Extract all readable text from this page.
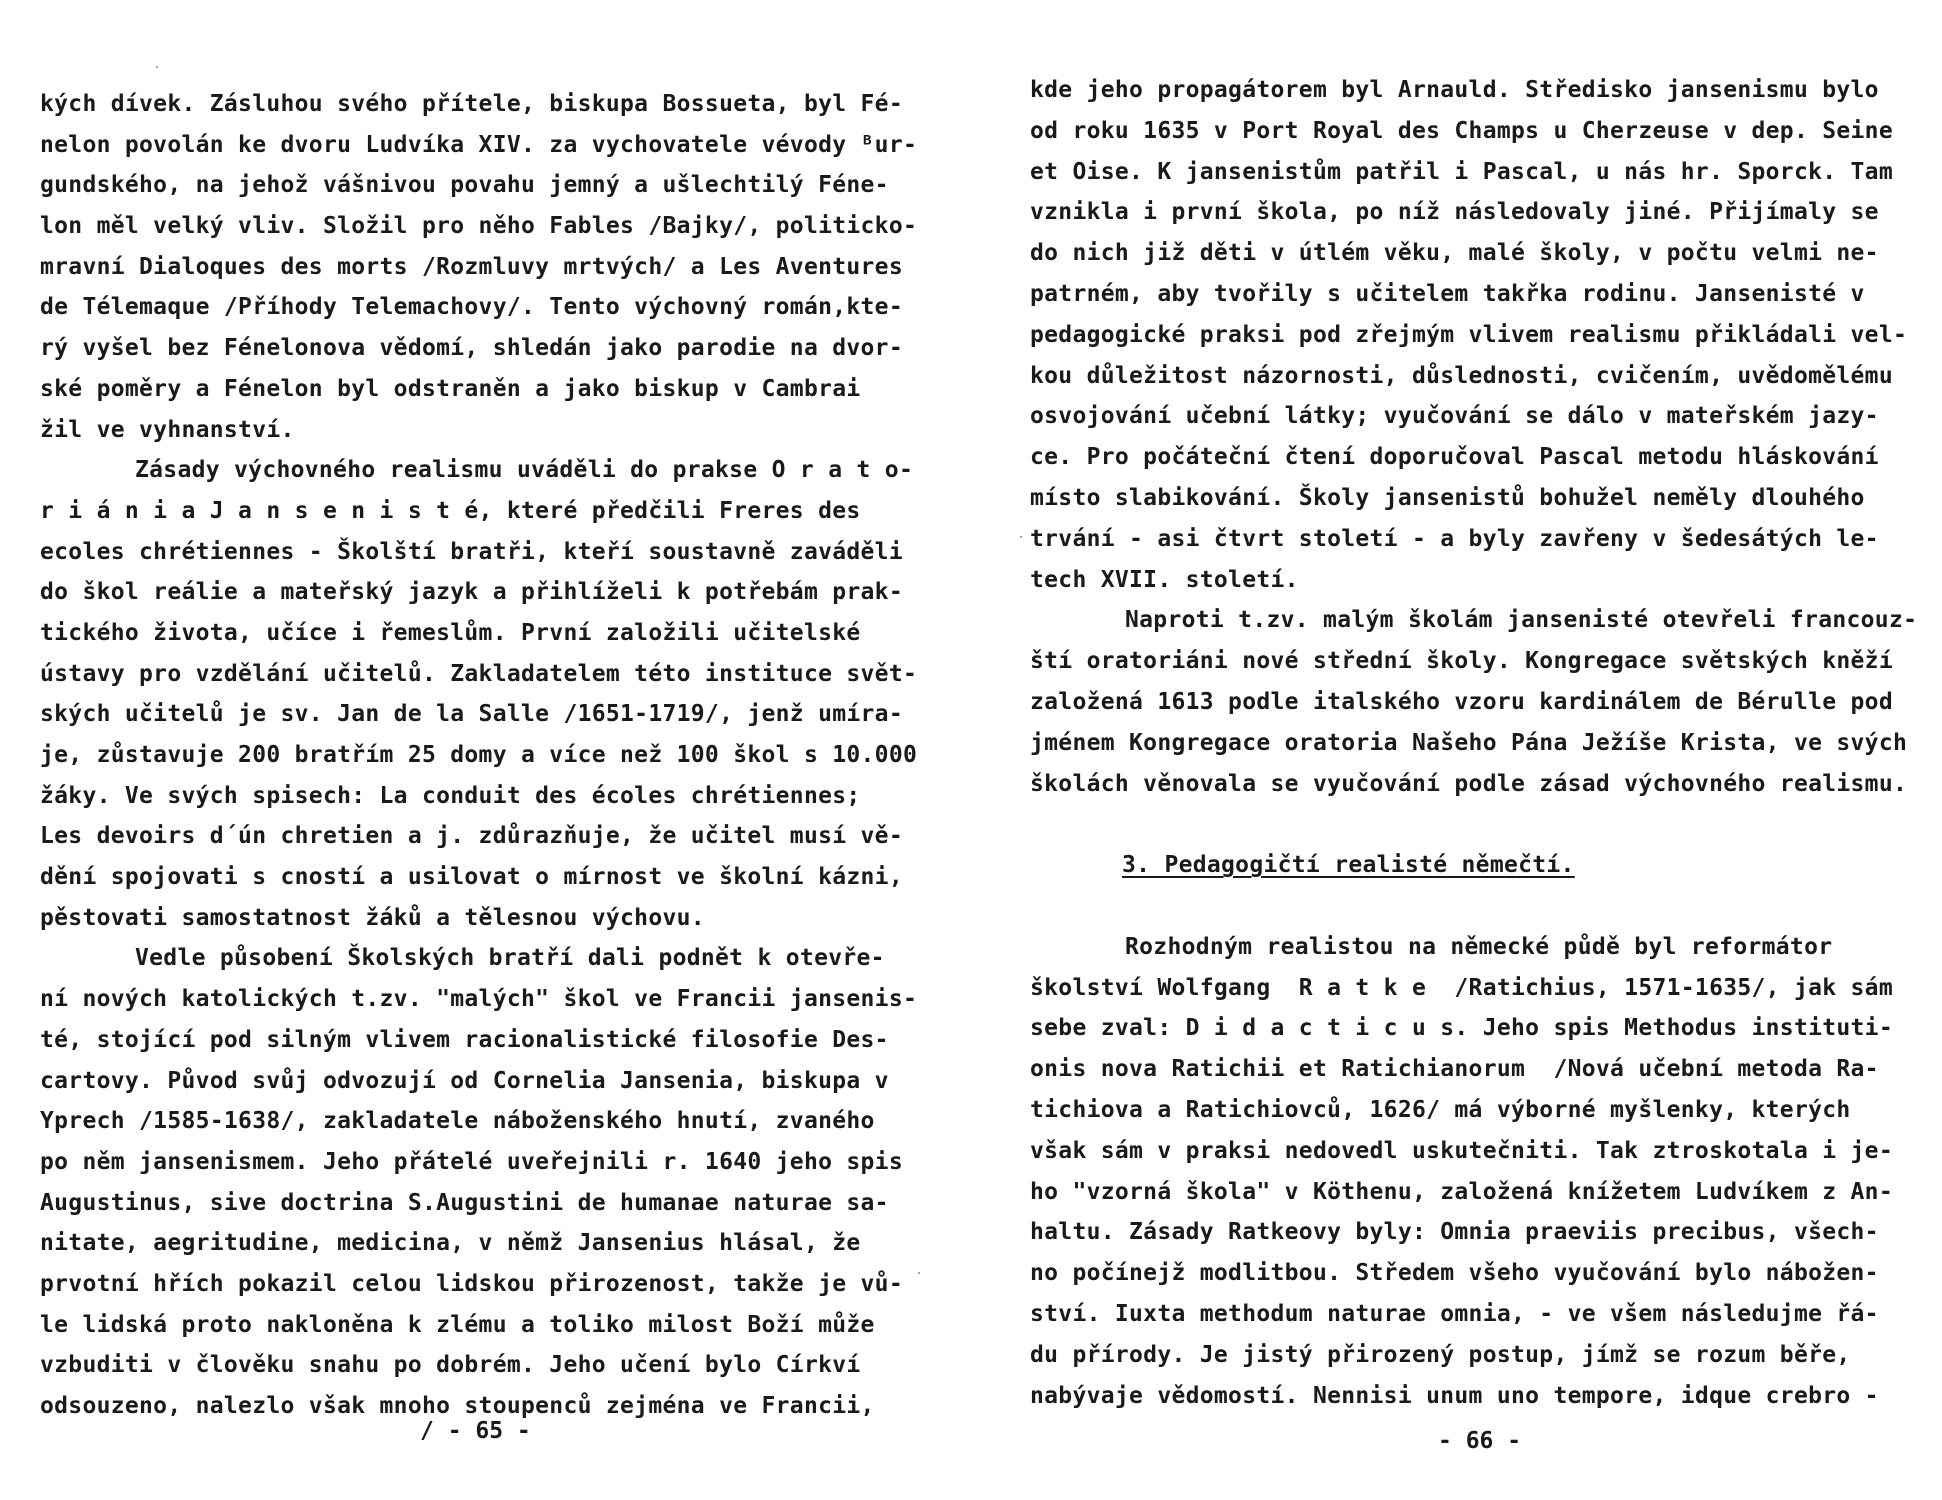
kých dívek. Zásluhou svého přítele, biskupa Bossueta, byl Fé-
nelon povolán ke dvoru Ludvíka XIV. za vychovatele vévody ᴮur-
gundského, na jehož vášnivou povahu jemný a ušlechtilý Féne-
lon měl velký vliv. Složil pro něho Fables /Bajky/, politicko-
mravní Dialoques des morts /Rozmluvy mrtvých/ a Les Aventures
de Télemaque /Příhody Telemachovy/. Tento výchovný román,kte-
rý vyšel bez Fénelonova vědomí, shledán jako parodie na dvor-
ské poměry a Fénelon byl odstraněn a jako biskup v Cambrai
žil ve vyhnanství.
Zásady výchovného realismu uváděli do prakse O r a t o-
r i á n i a J a n s e n i s t é, které předčili Freres des
ecoles chrétiennes - Školští bratři, kteří soustavně zaváděli
do škol reálie a mateřský jazyk a přihlíželi k potřebám prak-
tického života, učíce i řemeslům. První založili učitelské
ústavy pro vzdělání učitelů. Zakladatelem této instituce svět-
ských učitelů je sv. Jan de la Salle /1651-1719/, jenž umíra-
je, zůstavuje 200 bratřím 25 domy a více než 100 škol s 10.000
žáky. Ve svých spisech: La conduit des écoles chrétiennes;
Les devoirs d´ún chretien a j. zdůrazňuje, že učitel musí vě-
dění spojovati s cností a usilovat o mírnost ve školní kázni,
pěstovati samostatnost žáků a tělesnou výchovu.
Vedle působení Školských bratří dali podnět k otevře-
ní nových katolických t.zv. "malých" škol ve Francii jansenis-
té, stojící pod silným vlivem racionalistické filosofie Des-
cartovy. Původ svůj odvozují od Cornelia Jansenia, biskupa v
Yprech /1585-1638/, zakladatele náboženského hnutí, zvaného
po něm jansenismem. Jeho přátelé uveřejnili r. 1640 jeho spis
Augustinus, sive doctrina S.Augustini de humanae naturae sa-
nitate, aegritudine, medicina, v němž Jansenius hlásal, že
prvotní hřích pokazil celou lidskou přirozenost, takže je vů-
le lidská proto nakloněna k zlému a toliko milost Boží může
vzbuditi v člověku snahu po dobrém. Jeho učení bylo Církví
odsouzeno, nalezlo však mnoho stoupenců zejména ve Francii,
/ - 65 -
kde jeho propagátorem byl Arnauld. Středisko jansenismu bylo
od roku 1635 v Port Royal des Champs u Cherzeuse v dep. Seine
et Oise. K jansenistům patřil i Pascal, u nás hr. Sporck. Tam
vznikla i první škola, po níž následovaly jiné. Přijímaly se
do nich již děti v útlém věku, malé školy, v počtu velmi ne-
patrném, aby tvořily s učitelem takřka rodinu. Jansenisté v
pedagogické praksi pod zřejmým vlivem realismu přikládali vel-
kou důležitost názornosti, důslednosti, cvičením, uvědomělému
osvojování učební látky; vyučování se dálo v mateřském jazy-
ce. Pro počáteční čtení doporučoval Pascal metodu hláskování
místo slabikování. Školy jansenistů bohužel neměly dlouhého
trvání - asi čtvrt století - a byly zavřeny v šedesátých le-
tech XVII. století.
Naproti t.zv. malým školám jansenisté otevřeli francouz-
ští oratoriáni nové střední školy. Kongregace světských kněží
založená 1613 podle italského vzoru kardinálem de Bérulle pod
jménem Kongregace oratoria Našeho Pána Ježíše Krista, ve svých
školách věnovala se vyučování podle zásad výchovného realismu.
3. Pedagogičtí realisté němečtí.
Rozhodným realistou na německé půdě byl reformátor
školství Wolfgang  R a t k e  /Ratichius, 1571-1635/, jak sám
sebe zval: D i d a c t i c u s. Jeho spis Methodus instituti-
onis nova Ratichii et Ratichianorum  /Nová učební metoda Ra-
tichiova a Ratichiovců, 1626/ má výborné myšlenky, kterých
však sám v praksi nedovedl uskutečniti. Tak ztroskotala i je-
ho "vzorná škola" v Köthenu, založená knížetem Ludvíkem z An-
haltu. Zásady Ratkeovy byly: Omnia praeviis precibus, všech-
no počínejž modlitbou. Středem všeho vyučování bylo nábožen-
ství. Iuxta methodum naturae omnia, - ve všem následujme řá-
du přírody. Je jistý přirozený postup, jímž se rozum běře,
nabývaje vědomostí. Nennisi unum uno tempore, idque crebro -
- 66 -
